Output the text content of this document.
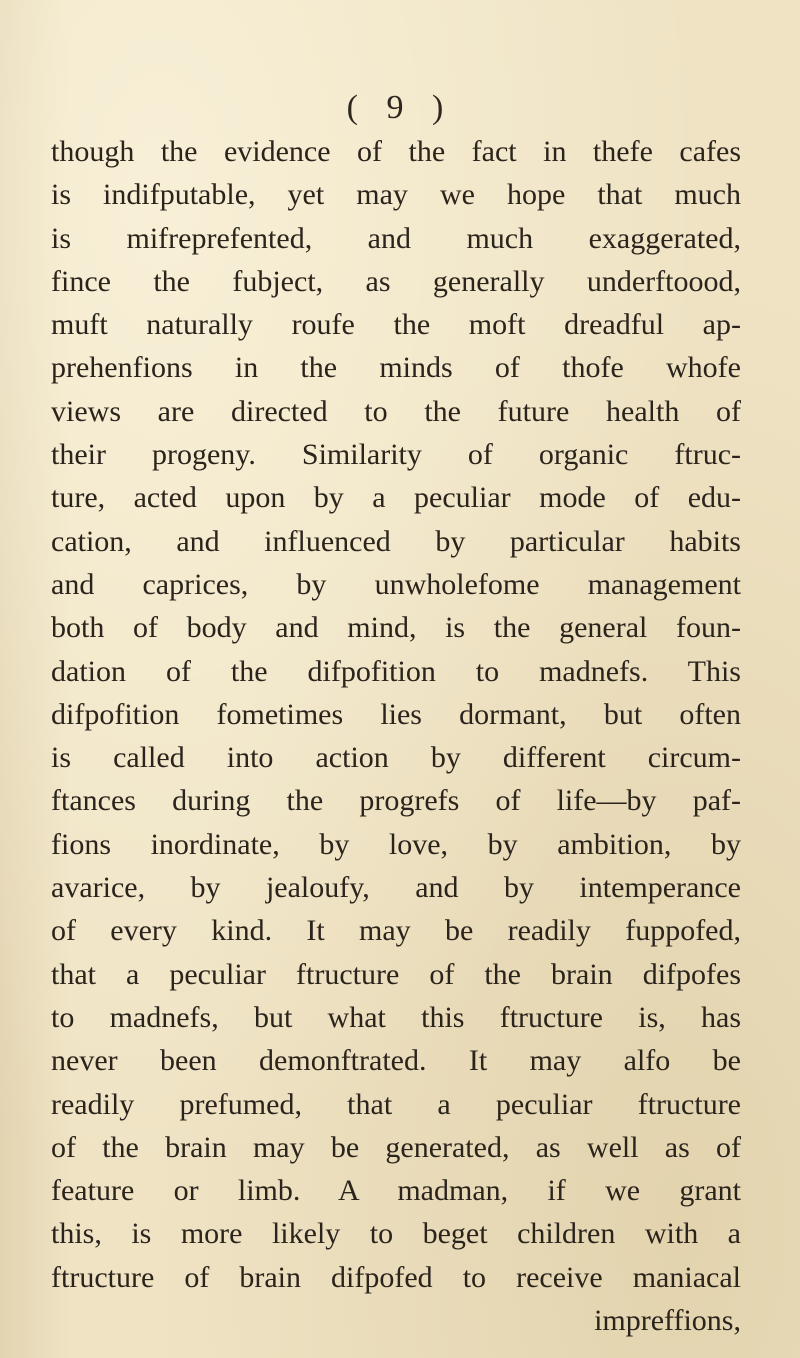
( 9 )
though the evidence of the fact in thefe cafes
is indifputable, yet may we hope that much
is mifreprefented, and much exaggerated,
fince the fubject, as generally underftoood,
muft naturally roufe the moft dreadful ap-
prehenfions in the minds of thofe whofe
views are directed to the future health of
their progeny. Similarity of organic ftruc-
ture, acted upon by a peculiar mode of edu-
cation, and influenced by particular habits
and caprices, by unwholefome management
both of body and mind, is the general foun-
dation of the difpofition to madnefs. This
difpofition fometimes lies dormant, but often
is called into action by different circum-
ftances during the progrefs of life—by paf-
fions inordinate, by love, by ambition, by
avarice, by jealoufy, and by intemperance
of every kind. It may be readily fuppofed,
that a peculiar ftructure of the brain difpofes
to madnefs, but what this ftructure is, has
never been demonftrated. It may alfo be
readily prefumed, that a peculiar ftructure
of the brain may be generated, as well as of
feature or limb. A madman, if we grant
this, is more likely to beget children with a
ftructure of brain difpofed to receive maniacal
impreffions,
